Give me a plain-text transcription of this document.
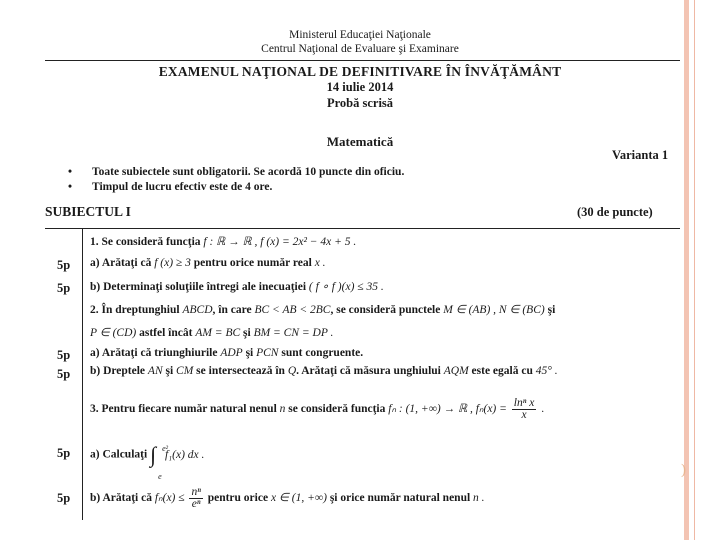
)
Ministerul Educaţiei Naţionale
Centrul Naţional de Evaluare şi Examinare
EXAMENUL NAŢIONAL DE DEFINITIVARE ÎN ÎNVĂŢĂMÂNT
14 iulie 2014
Probă scrisă
Matematică
Varianta 1
• Toate subiectele sunt obligatorii. Se acordă 10 puncte din oficiu.
• Timpul de lucru efectiv este de 4 ore.
SUBIECTUL I	(30 de puncte)
1. Se consideră funcţia f : ℝ → ℝ , f (x) = 2x² − 4x + 5 .
5p a) Arătaţi că f (x) ≥ 3 pentru orice număr real x .
5p b) Determinaţi soluţiile întregi ale inecuaţiei ( f ∘ f )(x) ≤ 35 .
2. În dreptunghiul ABCD, în care BC < AB < 2BC, se consideră punctele M ∈ (AB) , N ∈ (BC) şi
P ∈ (CD) astfel încât AM = BC şi BM = CN = DP .
5p a) Arătaţi că triunghiurile ADP şi PCN sunt congruente.
5p b) Dreptele AN şi CM se intersectează în Q. Arătaţi că măsura unghiului AQM este egală cu 45° .
3. Pentru fiecare număr natural nenul n se consideră funcţia fₙ : (1, +∞) → ℝ , $f_n(x) = \frac{\text{lnⁿ x}}{x}$ .
5p a) Calculaţi ∫ e²
e
f₁(x) dx .
5p b) Arătaţi că $f_n(x) \le \frac{\text{nⁿ}}{\text{eⁿ}}$ pentru orice x ∈ (1, +∞) şi orice număr natural nenul n .
